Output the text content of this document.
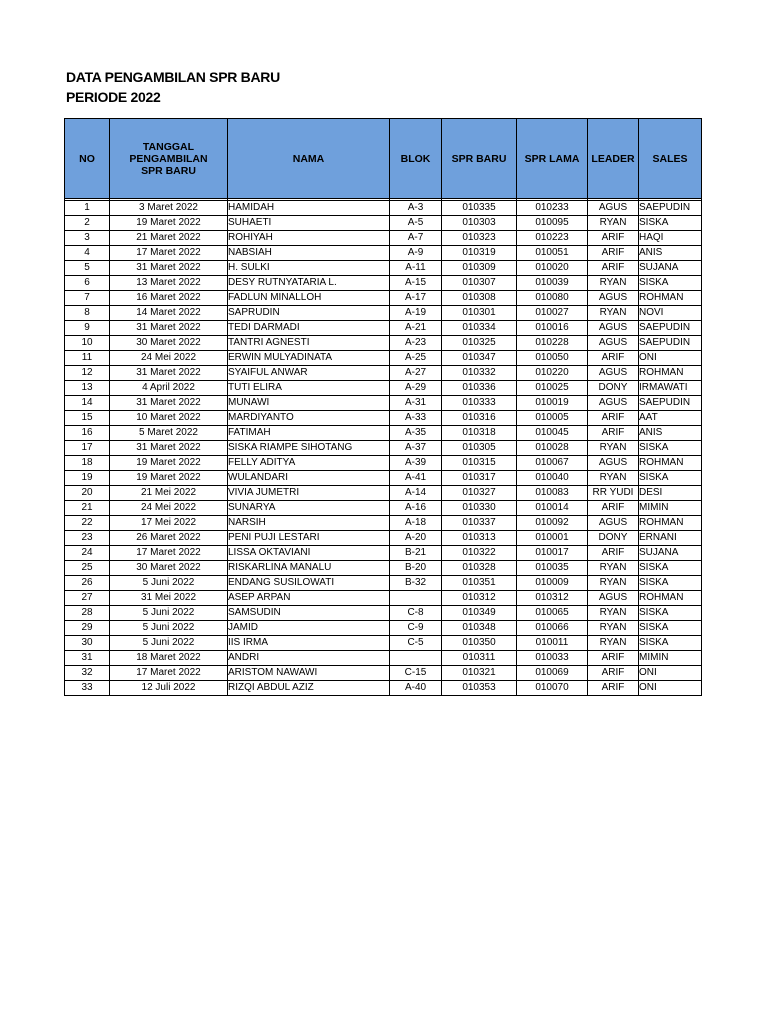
DATA PENGAMBILAN SPR BARU
PERIODE 2022
NO	TANGGAL PENGAMBILAN SPR BARU	NAMA	BLOK	SPR BARU	SPR LAMA	LEADER	SALES

1	3 Maret 2022	HAMIDAH	A-3	010335	010233	AGUS	SAEPUDIN
2	19 Maret 2022	SUHAETI	A-5	010303	010095	RYAN	SISKA
3	21 Maret 2022	ROHIYAH	A-7	010323	010223	ARIF	HAQI
4	17 Maret 2022	NABSIAH	A-9	010319	010051	ARIF	ANIS
5	31 Maret 2022	H. SULKI	A-11	010309	010020	ARIF	SUJANA
6	13 Maret 2022	DESY RUTNYATARIA L.	A-15	010307	010039	RYAN	SISKA
7	16 Maret 2022	FADLUN MINALLOH	A-17	010308	010080	AGUS	ROHMAN
8	14 Maret 2022	SAPRUDIN	A-19	010301	010027	RYAN	NOVI
9	31 Maret 2022	TEDI DARMADI	A-21	010334	010016	AGUS	SAEPUDIN
10	30 Maret 2022	TANTRI AGNESTI	A-23	010325	010228	AGUS	SAEPUDIN
11	24 Mei 2022	ERWIN MULYADINATA	A-25	010347	010050	ARIF	ONI
12	31 Maret 2022	SYAIFUL ANWAR	A-27	010332	010220	AGUS	ROHMAN
13	4 April 2022	TUTI ELIRA	A-29	010336	010025	DONY	IRMAWATI
14	31 Maret 2022	MUNAWI	A-31	010333	010019	AGUS	SAEPUDIN
15	10 Maret 2022	MARDIYANTO	A-33	010316	010005	ARIF	AAT
16	5 Maret 2022	FATIMAH	A-35	010318	010045	ARIF	ANIS
17	31 Maret 2022	SISKA RIAMPE SIHOTANG	A-37	010305	010028	RYAN	SISKA
18	19 Maret 2022	FELLY ADITYA	A-39	010315	010067	AGUS	ROHMAN
19	19 Maret 2022	WULANDARI	A-41	010317	010040	RYAN	SISKA
20	21 Mei 2022	VIVIA JUMETRI	A-14	010327	010083	RR YUDI	DESI
21	24 Mei 2022	SUNARYA	A-16	010330	010014	ARIF	MIMIN
22	17 Mei 2022	NARSIH	A-18	010337	010092	AGUS	ROHMAN
23	26 Maret 2022	PENI PUJI LESTARI	A-20	010313	010001	DONY	ERNANI
24	17 Maret 2022	LISSA OKTAVIANI	B-21	010322	010017	ARIF	SUJANA
25	30 Maret 2022	RISKARLINA MANALU	B-20	010328	010035	RYAN	SISKA
26	5 Juni 2022	ENDANG SUSILOWATI	B-32	010351	010009	RYAN	SISKA
27	31 Mei 2022	ASEP ARPAN		010312	010312	AGUS	ROHMAN
28	5 Juni 2022	SAMSUDIN	C-8	010349	010065	RYAN	SISKA
29	5 Juni 2022	JAMID	C-9	010348	010066	RYAN	SISKA
30	5 Juni 2022	IIS IRMA	C-5	010350	010011	RYAN	SISKA
31	18 Maret 2022	ANDRI		010311	010033	ARIF	MIMIN
32	17 Maret 2022	ARISTOM NAWAWI	C-15	010321	010069	ARIF	ONI
33	12 Juli 2022	RIZQI ABDUL AZIZ	A-40	010353	010070	ARIF	ONI
